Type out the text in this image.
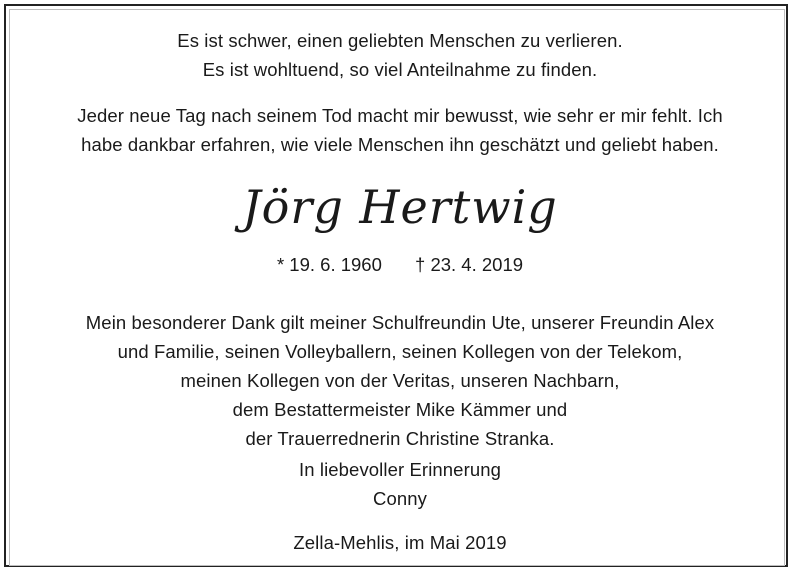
Es ist schwer, einen geliebten Menschen zu verlieren.
Es ist wohltuend, so viel Anteilnahme zu finden.
Jeder neue Tag nach seinem Tod macht mir bewusst, wie sehr er mir fehlt. Ich
habe dankbar erfahren, wie viele Menschen ihn geschätzt und geliebt haben.
Jörg Hertwig
* 19. 6. 1960 † 23. 4. 2019
Mein besonderer Dank gilt meiner Schulfreundin Ute, unserer Freundin Alex
und Familie, seinen Volleyballern, seinen Kollegen von der Telekom,
meinen Kollegen von der Veritas, unseren Nachbarn,
dem Bestattermeister Mike Kämmer und
der Trauerrednerin Christine Stranka.
In liebevoller Erinnerung
Conny
Zella-Mehlis, im Mai 2019
